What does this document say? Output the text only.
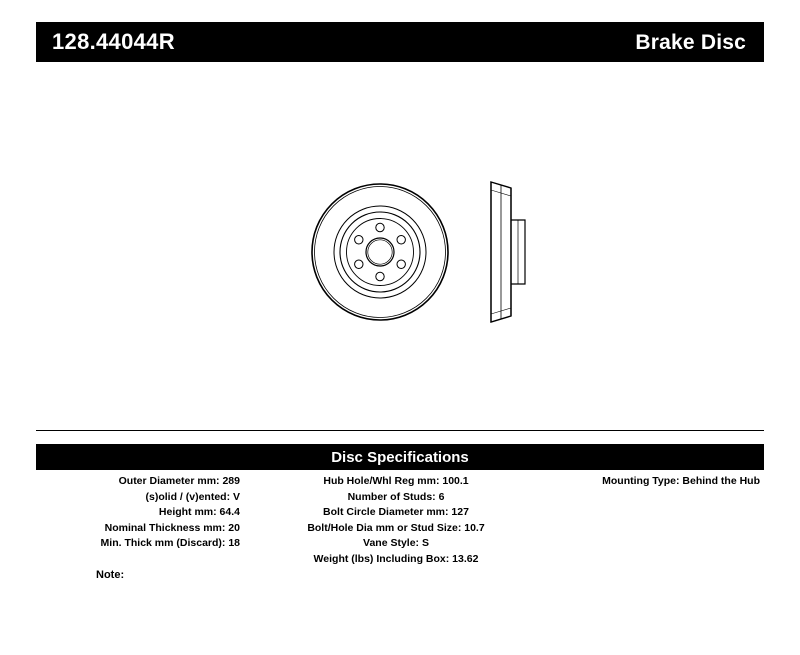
128.44044R	Brake Disc
Disc Specifications
Outer Diameter mm: 289
(s)olid / (v)ented: V
Height mm: 64.4
Nominal Thickness mm: 20
Min. Thick mm (Discard): 18
Hub Hole/Whl Reg mm: 100.1
Number of Studs: 6
Bolt Circle Diameter mm: 127
Bolt/Hole Dia mm or Stud Size: 10.7
Vane Style: S
Weight (lbs) Including Box: 13.62
Mounting Type: Behind the Hub
Note:
